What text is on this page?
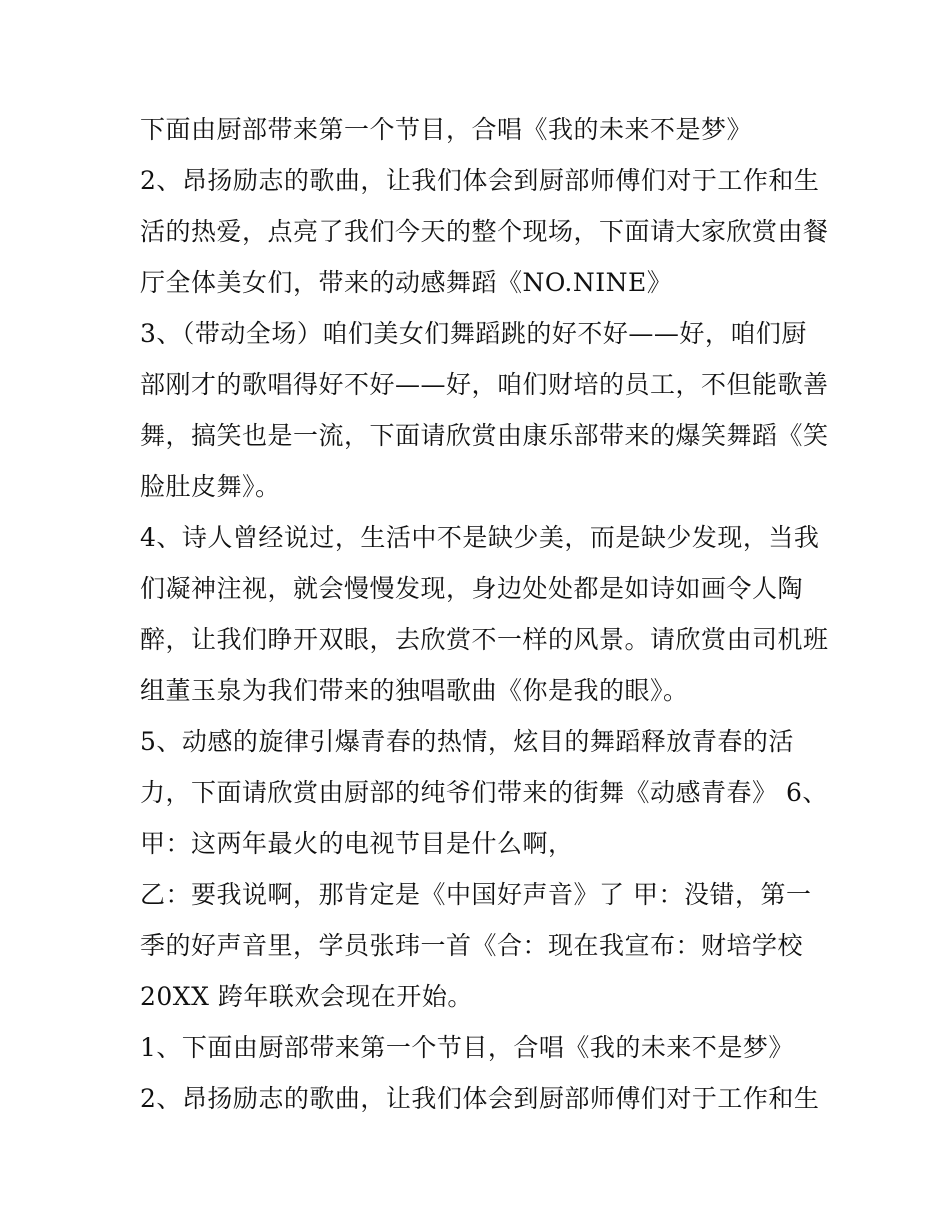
下面由厨部带来第一个节目，合唱《我的未来不是梦》
2、昂扬励志的歌曲，让我们体会到厨部师傅们对于工作和生
活的热爱，点亮了我们今天的整个现场，下面请大家欣赏由餐
厅全体美女们，带来的动感舞蹈《NO.NINE》
3、（带动全场）咱们美女们舞蹈跳的好不好——好，咱们厨
部刚才的歌唱得好不好——好，咱们财培的员工，不但能歌善
舞，搞笑也是一流，下面请欣赏由康乐部带来的爆笑舞蹈《笑
脸肚皮舞》。
4、诗人曾经说过，生活中不是缺少美，而是缺少发现，当我
们凝神注视，就会慢慢发现，身边处处都是如诗如画令人陶
醉，让我们睁开双眼，去欣赏不一样的风景。请欣赏由司机班
组董玉泉为我们带来的独唱歌曲《你是我的眼》。
5、动感的旋律引爆青春的热情，炫目的舞蹈释放青春的活
力，下面请欣赏由厨部的纯爷们带来的街舞《动感青春》 6、
甲：这两年最火的电视节目是什么啊，
乙：要我说啊，那肯定是《中国好声音》了 甲：没错，第一
季的好声音里，学员张玮一首《合：现在我宣布：财培学校
20XX 跨年联欢会现在开始。
1、下面由厨部带来第一个节目，合唱《我的未来不是梦》
2、昂扬励志的歌曲，让我们体会到厨部师傅们对于工作和生
